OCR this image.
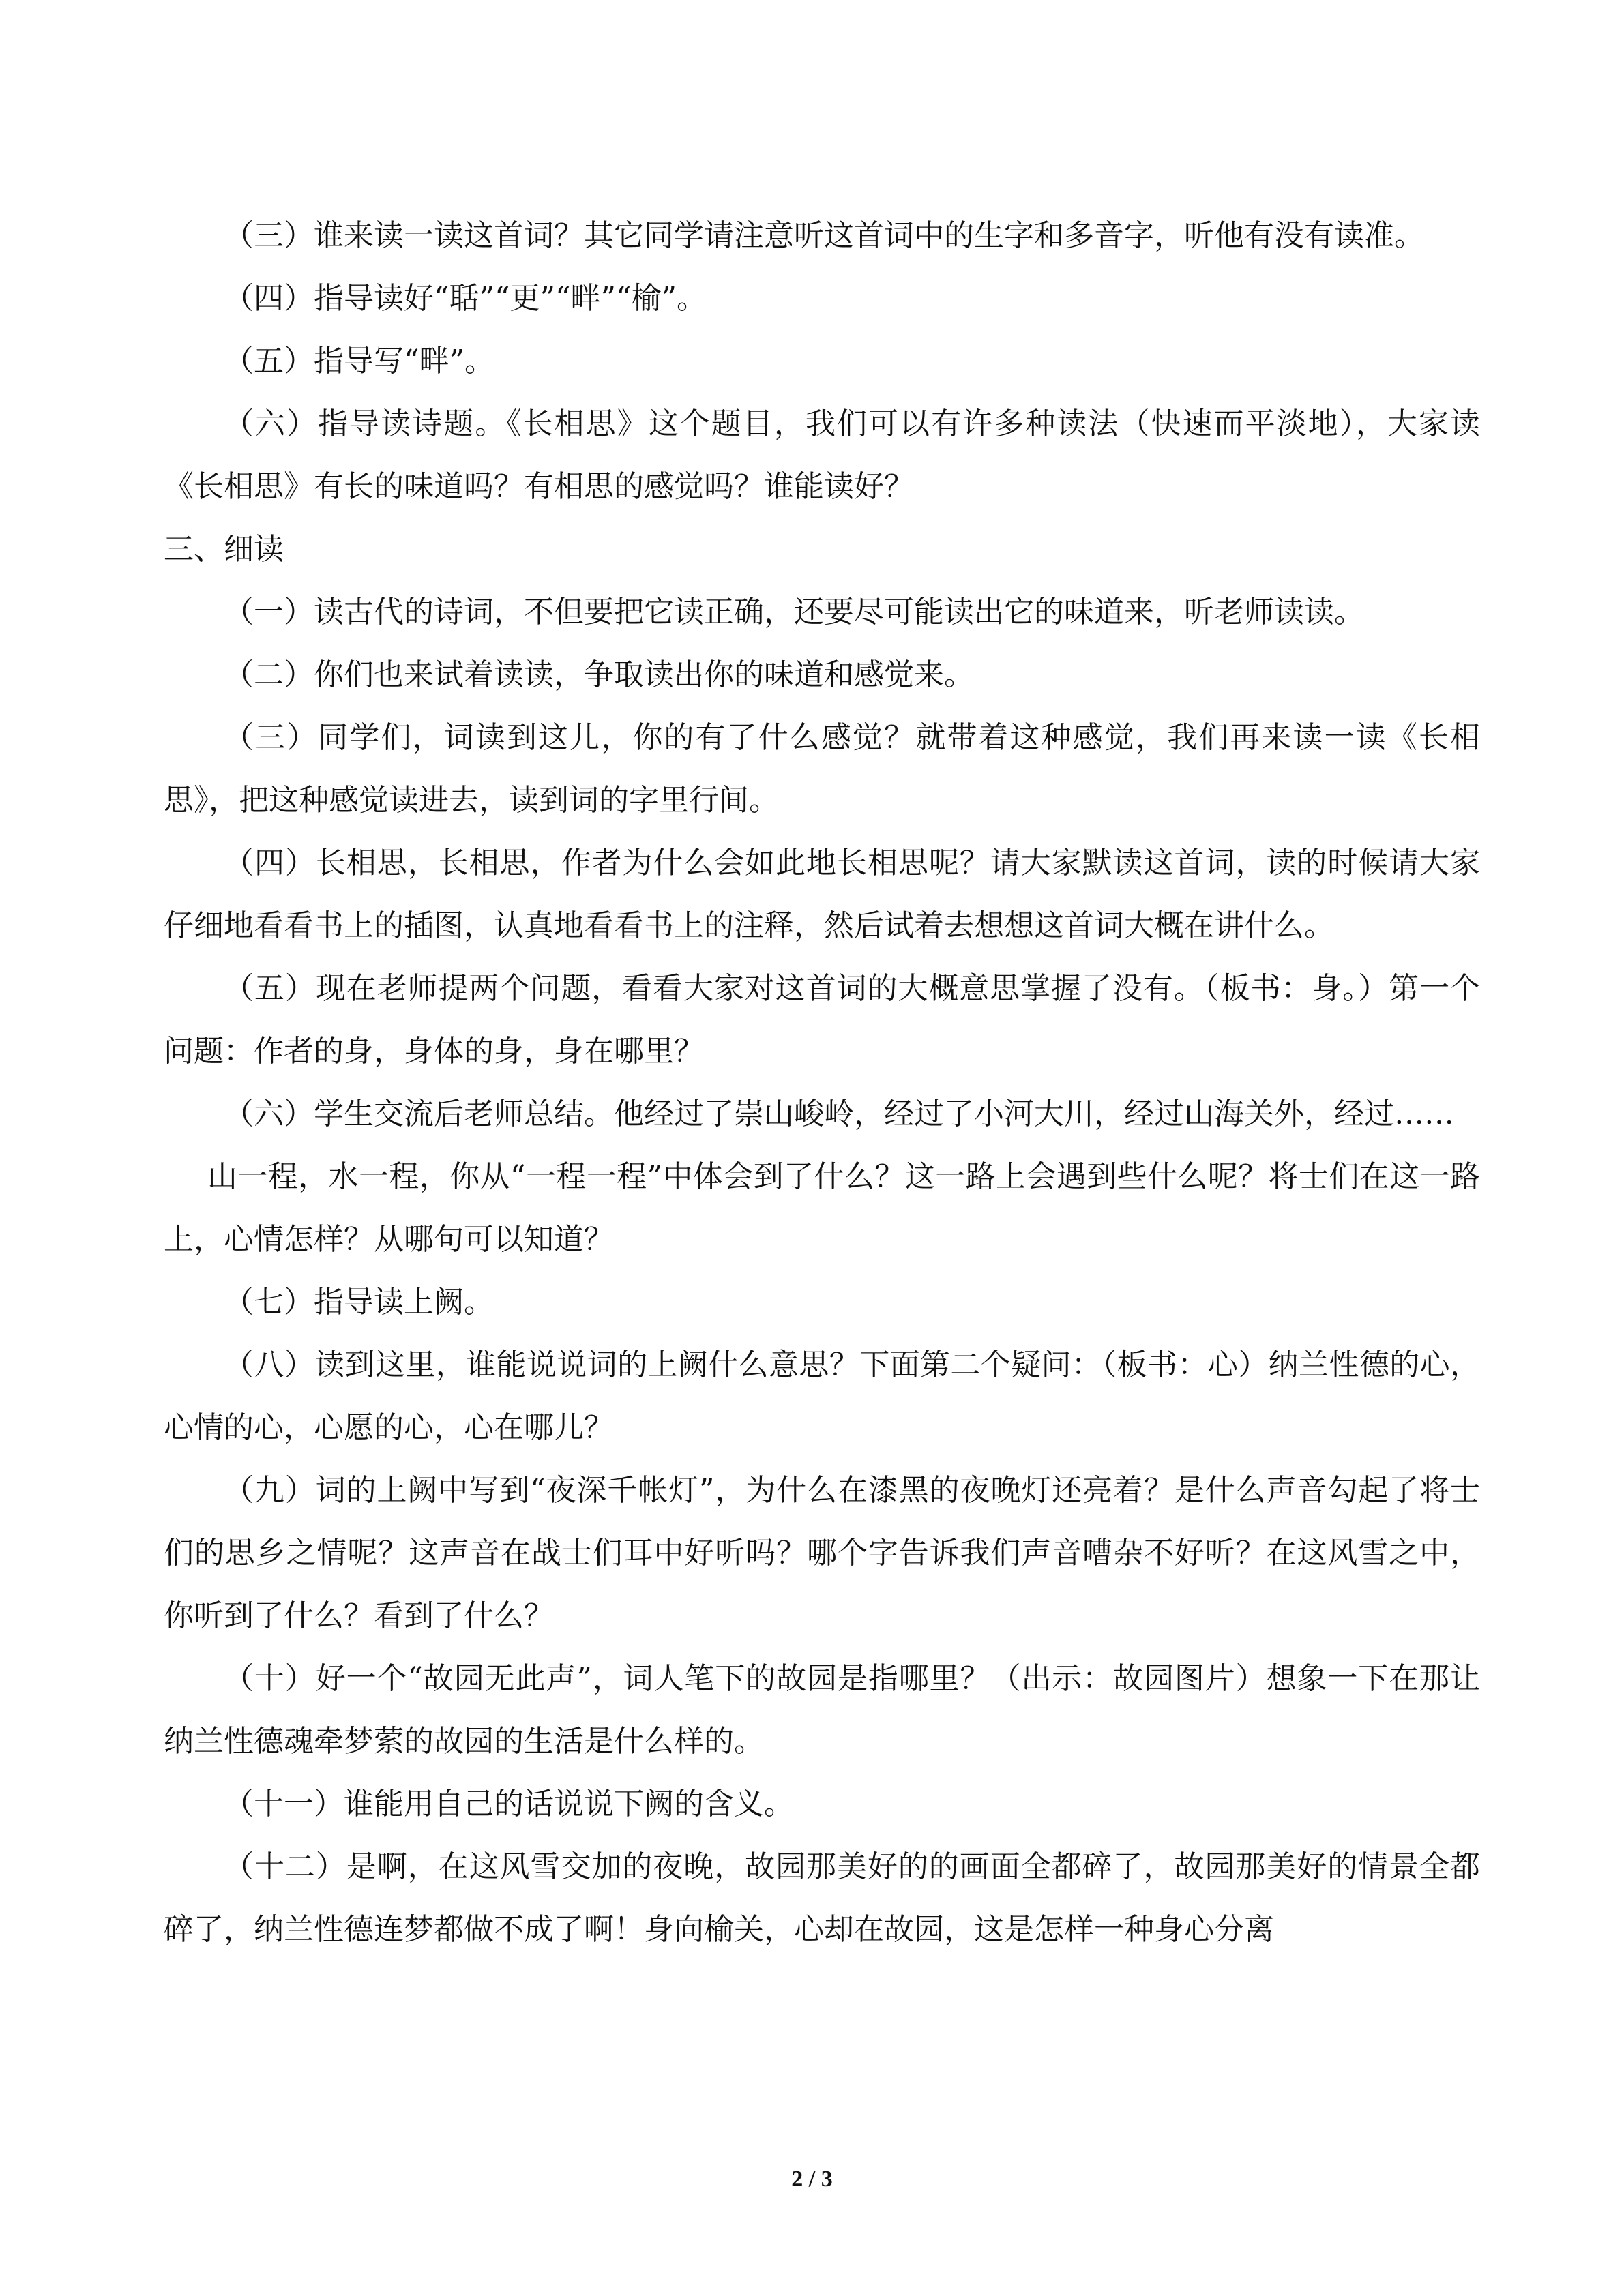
（三）谁来读一读这首词？其它同学请注意听这首词中的生字和多音字，听他有没有读准。

（四）指导读好“聒”“更”“畔”“榆”。

（五）指导写“畔”。

（六）指导读诗题。《长相思》这个题目，我们可以有许多种读法（快速而平淡地），大家读《长相思》有长的味道吗？有相思的感觉吗？谁能读好？

三、细读

（一）读古代的诗词，不但要把它读正确，还要尽可能读出它的味道来，听老师读读。

（二）你们也来试着读读，争取读出你的味道和感觉来。

（三）同学们，词读到这儿，你的有了什么感觉？就带着这种感觉，我们再来读一读《长相思》，把这种感觉读进去，读到词的字里行间。

（四）长相思，长相思，作者为什么会如此地长相思呢？请大家默读这首词，读的时候请大家仔细地看看书上的插图，认真地看看书上的注释，然后试着去想想这首词大概在讲什么。

（五）现在老师提两个问题，看看大家对这首词的大概意思掌握了没有。（板书：身。）第一个问题：作者的身，身体的身，身在哪里？

（六）学生交流后老师总结。他经过了崇山峻岭，经过了小河大川，经过山海关外，经过……

山一程，水一程，你从“一程一程”中体会到了什么？这一路上会遇到些什么呢？将士们在这一路上，心情怎样？从哪句可以知道？

（七）指导读上阙。

（八）读到这里，谁能说说词的上阙什么意思？下面第二个疑问：（板书：心）纳兰性德的心，心情的心，心愿的心，心在哪儿？

（九）词的上阙中写到“夜深千帐灯”，为什么在漆黑的夜晚灯还亮着？是什么声音勾起了将士们的思乡之情呢？这声音在战士们耳中好听吗？哪个字告诉我们声音嘈杂不好听？在这风雪之中，你听到了什么？看到了什么？

（十）好一个“故园无此声”，词人笔下的故园是指哪里？（出示：故园图片）想象一下在那让纳兰性德魂牵梦萦的故园的生活是什么样的。

（十一）谁能用自己的话说说下阙的含义。

（十二）是啊，在这风雪交加的夜晚，故园那美好的的画面全都碎了，故园那美好的情景全都碎了，纳兰性德连梦都做不成了啊！身向榆关，心却在故园，这是怎样一种身心分离

2 / 3
